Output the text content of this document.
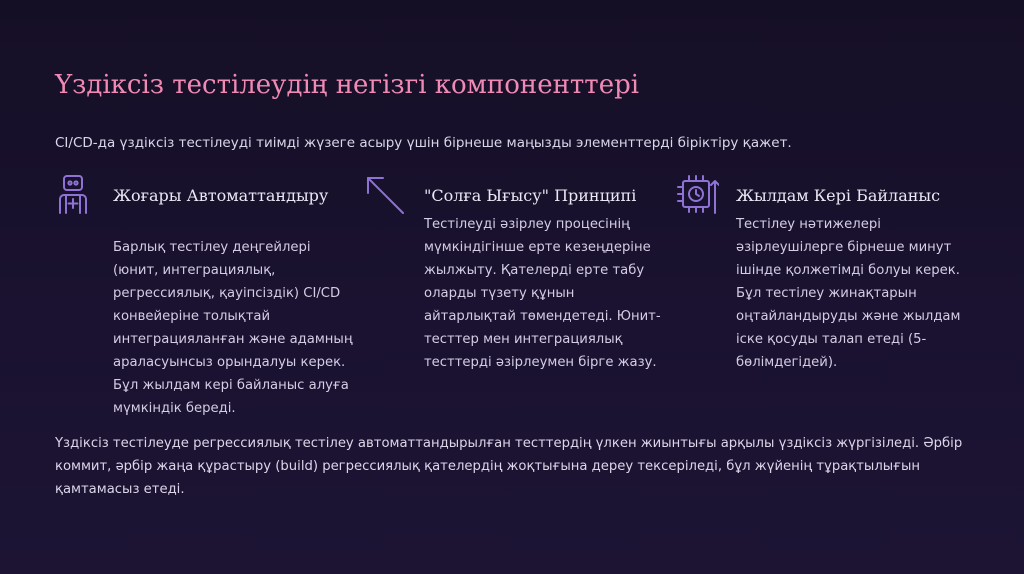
Үздіксіз тестілеудің негізгі компоненттері
CI/CD-да үздіксіз тестілеуді тиімді жүзеге асыру үшін бірнеше маңызды элементтерді біріктіру қажет.
Жоғары Автоматтандыру
Барлық тестілеу деңгейлері
(юнит, интеграциялық,
регрессиялық, қауіпсіздік) CI/CD
конвейеріне толықтай
интеграцияланған және адамның
араласуынсыз орындалуы керек.
Бұл жылдам кері байланыс алуға
мүмкіндік береді.
"Солға Ығысу" Принципі
Тестілеуді әзірлеу процесінің
мүмкіндігінше ерте кезеңдеріне
жылжыту. Қателерді ерте табу
оларды түзету құнын
айтарлықтай төмендетеді. Юнит-
тесттер мен интеграциялық
тесттерді әзірлеумен бірге жазу.
Жылдам Кері Байланыс
Тестілеу нәтижелері
әзірлеушілерге бірнеше минут
ішінде қолжетімді болуы керек.
Бұл тестілеу жинақтарын
оңтайландыруды және жылдам
іске қосуды талап етеді (5-
бөлімдегідей).
Үздіксіз тестілеуде регрессиялық тестілеу автоматтандырылған тесттердің үлкен жиынтығы арқылы үздіксіз жүргізіледі. Әрбір
коммит, әрбір жаңа құрастыру (build) регрессиялық қателердің жоқтығына дереу тексеріледі, бұл жүйенің тұрақтылығын
қамтамасыз етеді.
